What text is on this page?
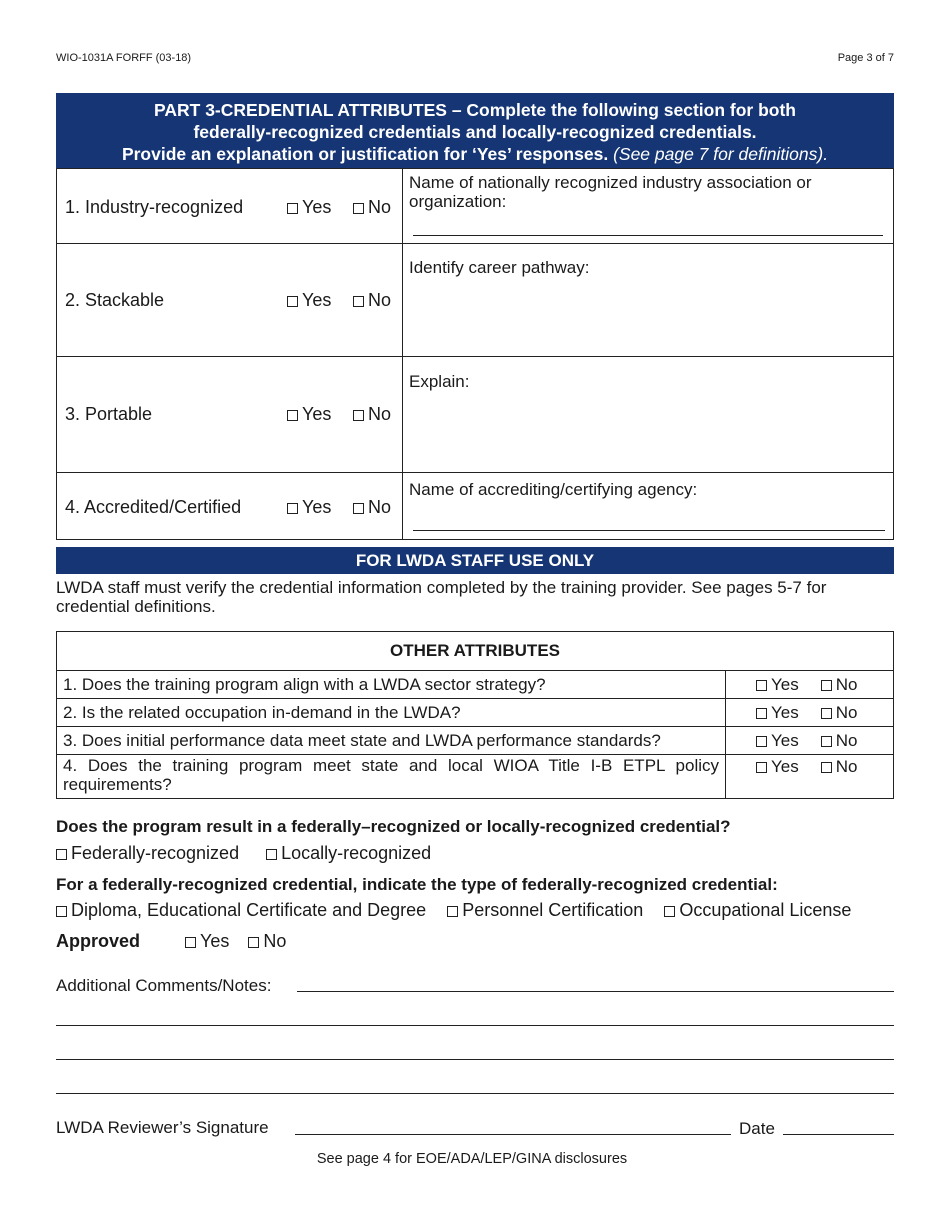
WIO-1031A FORFF (03-18)	Page 3 of 7
PART 3-CREDENTIAL ATTRIBUTES – Complete the following section for both
federally-recognized credentials and locally-recognized credentials.
Provide an explanation or justification for ‘Yes’ responses. (See page 7 for definitions).
1. Industry-recognized Yes No	Name of nationally recognized industry association or organization:

2. Stackable Yes No	Identify career pathway:

3. Portable Yes No	Explain:

4. Accredited/Certified Yes No	Name of accrediting/certifying agency:
FOR LWDA STAFF USE ONLY
LWDA staff must verify the credential information completed by the training provider. See pages 5-7 for credential definitions.
OTHER ATTRIBUTES	
1. Does the training program align with a LWDA sector strategy?	Yes No
2. Is the related occupation in-demand in the LWDA?	Yes No
3. Does initial performance data meet state and LWDA performance standards?	Yes No
4. Does the training program meet state and local WIOA Title I-B ETPL policy requirements?	Yes No
Does the program result in a federally–recognized or locally-recognized credential?
Federally-recognized Locally-recognized
For a federally-recognized credential, indicate the type of federally-recognized credential:
Diploma, Educational Certificate and Degree Personnel Certification Occupational License
Approved	Yes No
Additional Comments/Notes:
LWDA Reviewer’s Signature	Date
See page 4 for EOE/ADA/LEP/GINA disclosures
